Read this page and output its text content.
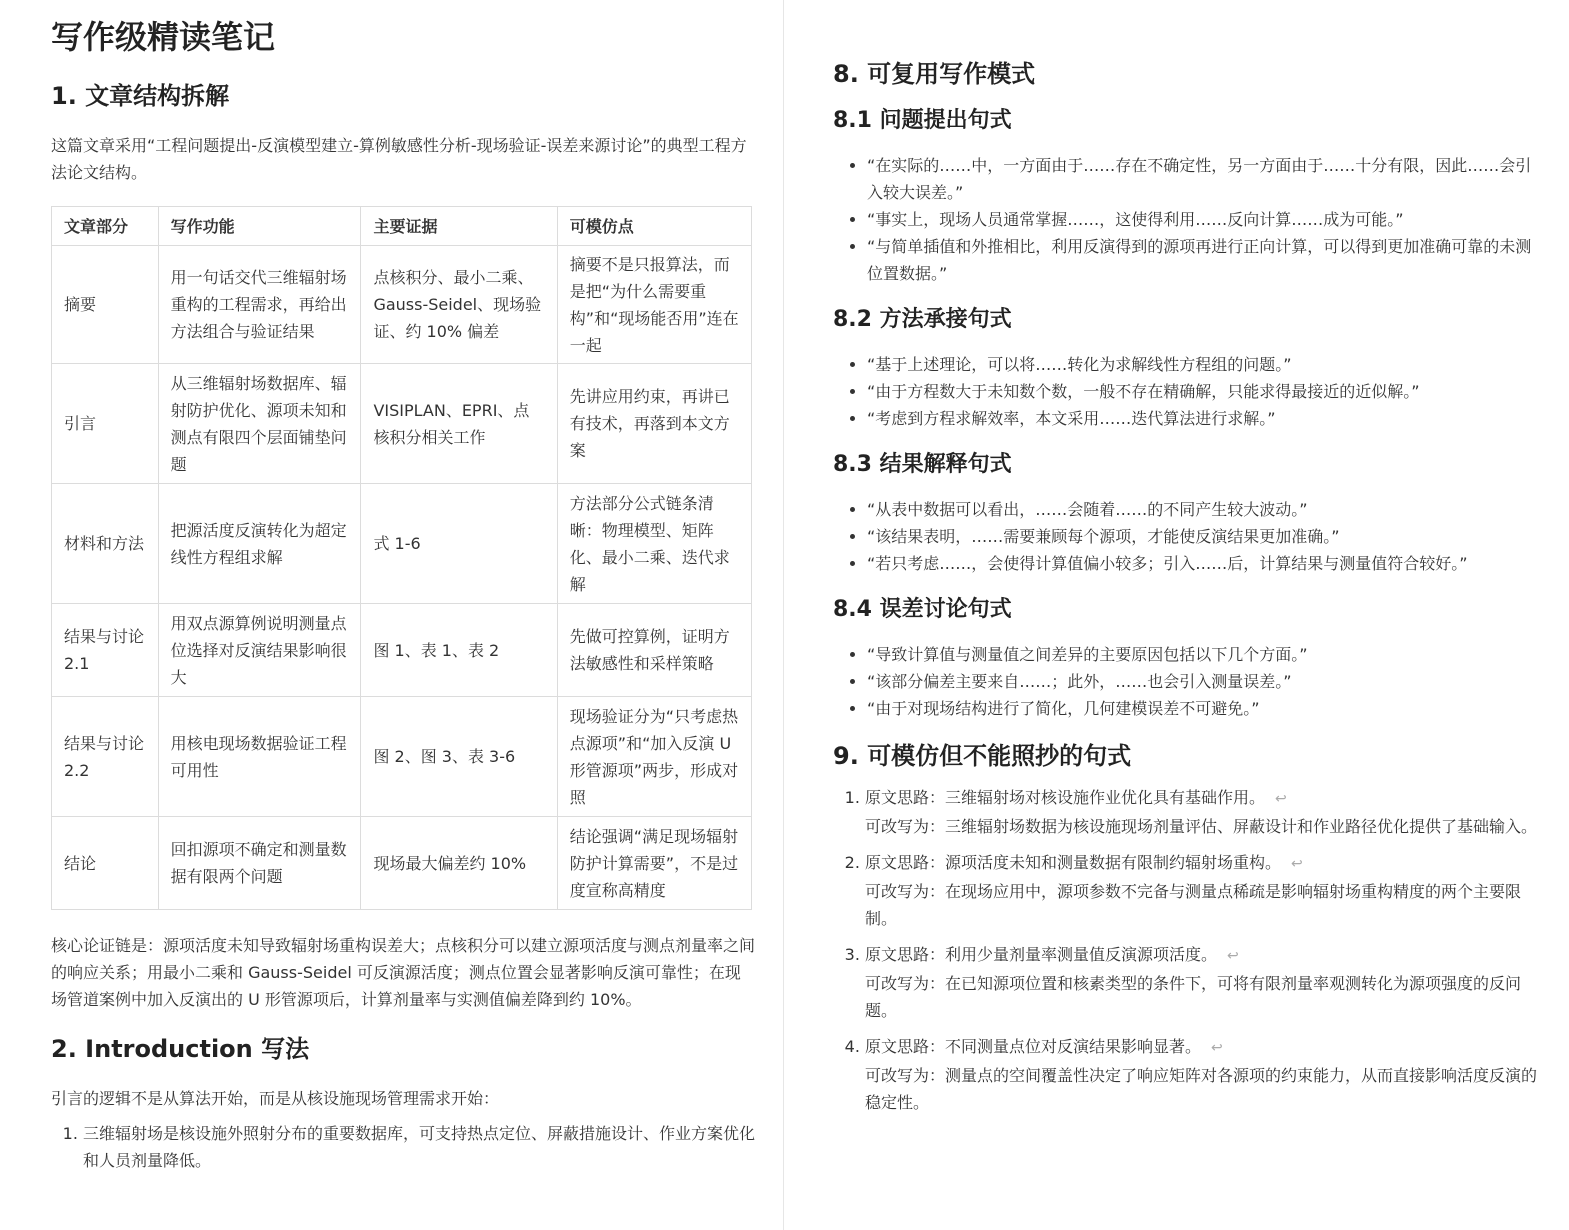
写作级精读笔记
1. 文章结构拆解

这篇文章采用“工程问题提出-反演模型建立-算例敏感性分析-现场验证-误差来源讨论”的典型工程方法论文结构。

文章部分	写作功能	主要证据	可模仿点
摘要	用一句话交代三维辐射场重构的工程需求，再给出方法组合与验证结果	点核积分、最小二乘、Gauss-Seidel、现场验证、约 10% 偏差	摘要不是只报算法，而是把“为什么需要重构”和“现场能否用”连在一起
引言	从三维辐射场数据库、辐射防护优化、源项未知和测点有限四个层面铺垫问题	VISIPLAN、EPRI、点核积分相关工作	先讲应用约束，再讲已有技术，再落到本文方案
材料和方法	把源活度反演转化为超定线性方程组求解	式 1-6	方法部分公式链条清晰：物理模型、矩阵化、最小二乘、迭代求解
结果与讨论 2.1	用双点源算例说明测量点位选择对反演结果影响很大	图 1、表 1、表 2	先做可控算例，证明方法敏感性和采样策略
结果与讨论 2.2	用核电现场数据验证工程可用性	图 2、图 3、表 3-6	现场验证分为“只考虑热点源项”和“加入反演 U 形管源项”两步，形成对照
结论	回扣源项不确定和测量数据有限两个问题	现场最大偏差约 10%	结论强调“满足现场辐射防护计算需要”，不是过度宣称高精度

核心论证链是：源项活度未知导致辐射场重构误差大；点核积分可以建立源项活度与测点剂量率之间的响应关系；用最小二乘和 Gauss-Seidel 可反演源活度；测点位置会显著影响反演可靠性；在现场管道案例中加入反演出的 U 形管源项后，计算剂量率与实测值偏差降到约 10%。

2. Introduction 写法

引言的逻辑不是从算法开始，而是从核设施现场管理需求开始：

1. 三维辐射场是核设施外照射分布的重要数据库，可支持热点定位、屏蔽措施设计、作业方案优化和人员剂量降低。
8. 可复用写作模式
8.1 问题提出句式
• “在实际的……中，一方面由于……存在不确定性，另一方面由于……十分有限，因此……会引入较大误差。”
• “事实上，现场人员通常掌握……，这使得利用……反向计算……成为可能。”
• “与简单插值和外推相比，利用反演得到的源项再进行正向计算，可以得到更加准确可靠的未测位置数据。”
8.2 方法承接句式
• “基于上述理论，可以将……转化为求解线性方程组的问题。”
• “由于方程数大于未知数个数，一般不存在精确解，只能求得最接近的近似解。”
• “考虑到方程求解效率，本文采用……迭代算法进行求解。”
8.3 结果解释句式
• “从表中数据可以看出，……会随着……的不同产生较大波动。”
• “该结果表明，……需要兼顾每个源项，才能使反演结果更加准确。”
• “若只考虑……，会使得计算值偏小较多；引入……后，计算结果与测量值符合较好。”
8.4 误差讨论句式
• “导致计算值与测量值之间差异的主要原因包括以下几个方面。”
• “该部分偏差主要来自……；此外，……也会引入测量误差。”
• “由于对现场结构进行了简化，几何建模误差不可避免。”
9. 可模仿但不能照抄的句式
1. 原文思路：三维辐射场对核设施作业优化具有基础作用。 ↩
可改写为：三维辐射场数据为核设施现场剂量评估、屏蔽设计和作业路径优化提供了基础输入。
2. 原文思路：源项活度未知和测量数据有限制约辐射场重构。 ↩
可改写为：在现场应用中，源项参数不完备与测量点稀疏是影响辐射场重构精度的两个主要限制。
3. 原文思路：利用少量剂量率测量值反演源项活度。 ↩
可改写为：在已知源项位置和核素类型的条件下，可将有限剂量率观测转化为源项强度的反问题。
4. 原文思路：不同测量点位对反演结果影响显著。 ↩
可改写为：测量点的空间覆盖性决定了响应矩阵对各源项的约束能力，从而直接影响活度反演的稳定性。
